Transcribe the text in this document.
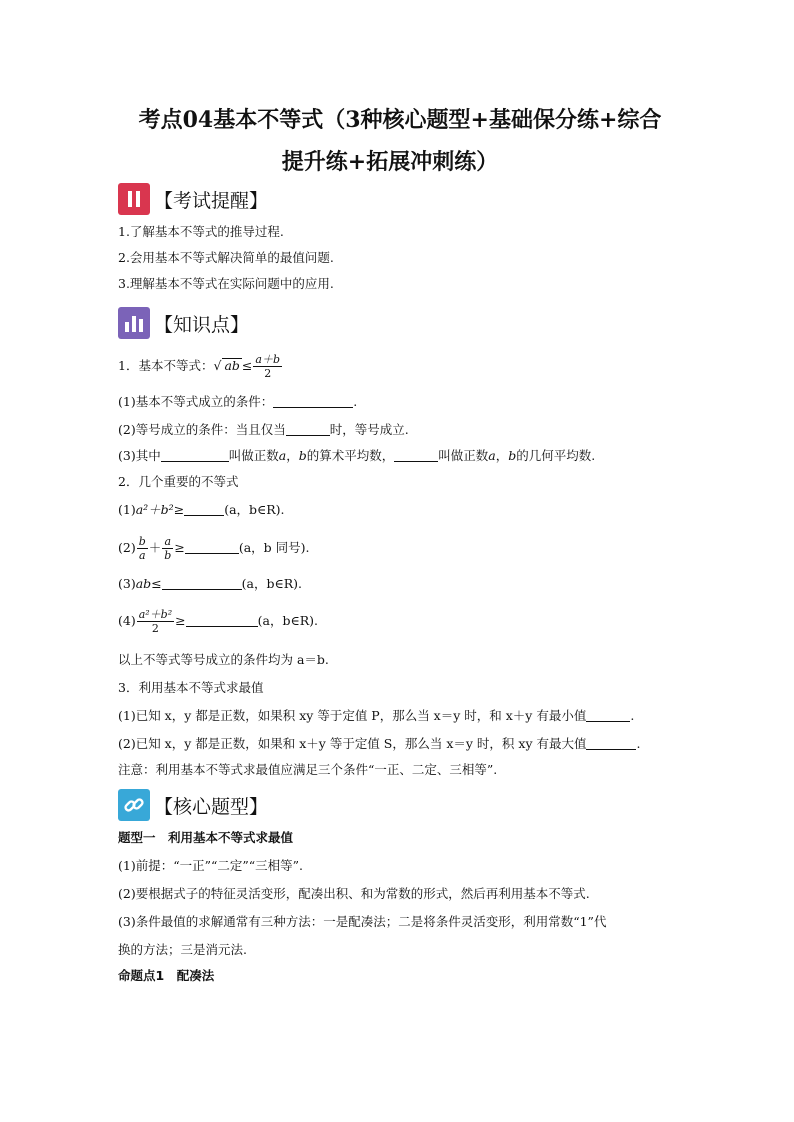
考点04基本不等式（3种核心题型+基础保分练+综合
提升练+拓展冲刺练）
【考试提醒】
1.了解基本不等式的推导过程.
2.会用基本不等式解决简单的最值问题.
3.理解基本不等式在实际问题中的应用.
【知识点】
1．基本不等式：√ ab ≤ $\frac{a+b}{2}$
(1)基本不等式成立的条件：	.
(2)等号成立的条件：当且仅当	时，等号成立.
(3)其中	叫做正数a，b的算术平均数，	叫做正数a，b的几何平均数.
2．几个重要的不等式
(1)a²＋b²≥	(a，b∈R).
$(2) \frac{b}{a} + \frac{a}{b}$ ≥	(a，b 同号).
(3)ab≤	(a，b∈R).
$(4) \frac{\text{a²＋b²}}{2}$ ≥	(a，b∈R).
以上不等式等号成立的条件均为 a＝b.
3．利用基本不等式求最值
(1)已知 x，y 都是正数，如果积 xy 等于定值 P，那么当 x＝y 时，和 x＋y 有最小值	.
(2)已知 x，y 都是正数，如果和 x＋y 等于定值 S，那么当 x＝y 时，积 xy 有最大值	.
注意：利用基本不等式求最值应满足三个条件“一正、二定、三相等”.
【核心题型】
题型一　利用基本不等式求最值
(1)前提：“一正”“二定”“三相等”.
(2)要根据式子的特征灵活变形，配凑出积、和为常数的形式，然后再利用基本不等式.
(3)条件最值的求解通常有三种方法：一是配凑法；二是将条件灵活变形，利用常数“1”代
换的方法；三是消元法.
命题点1　配凑法
